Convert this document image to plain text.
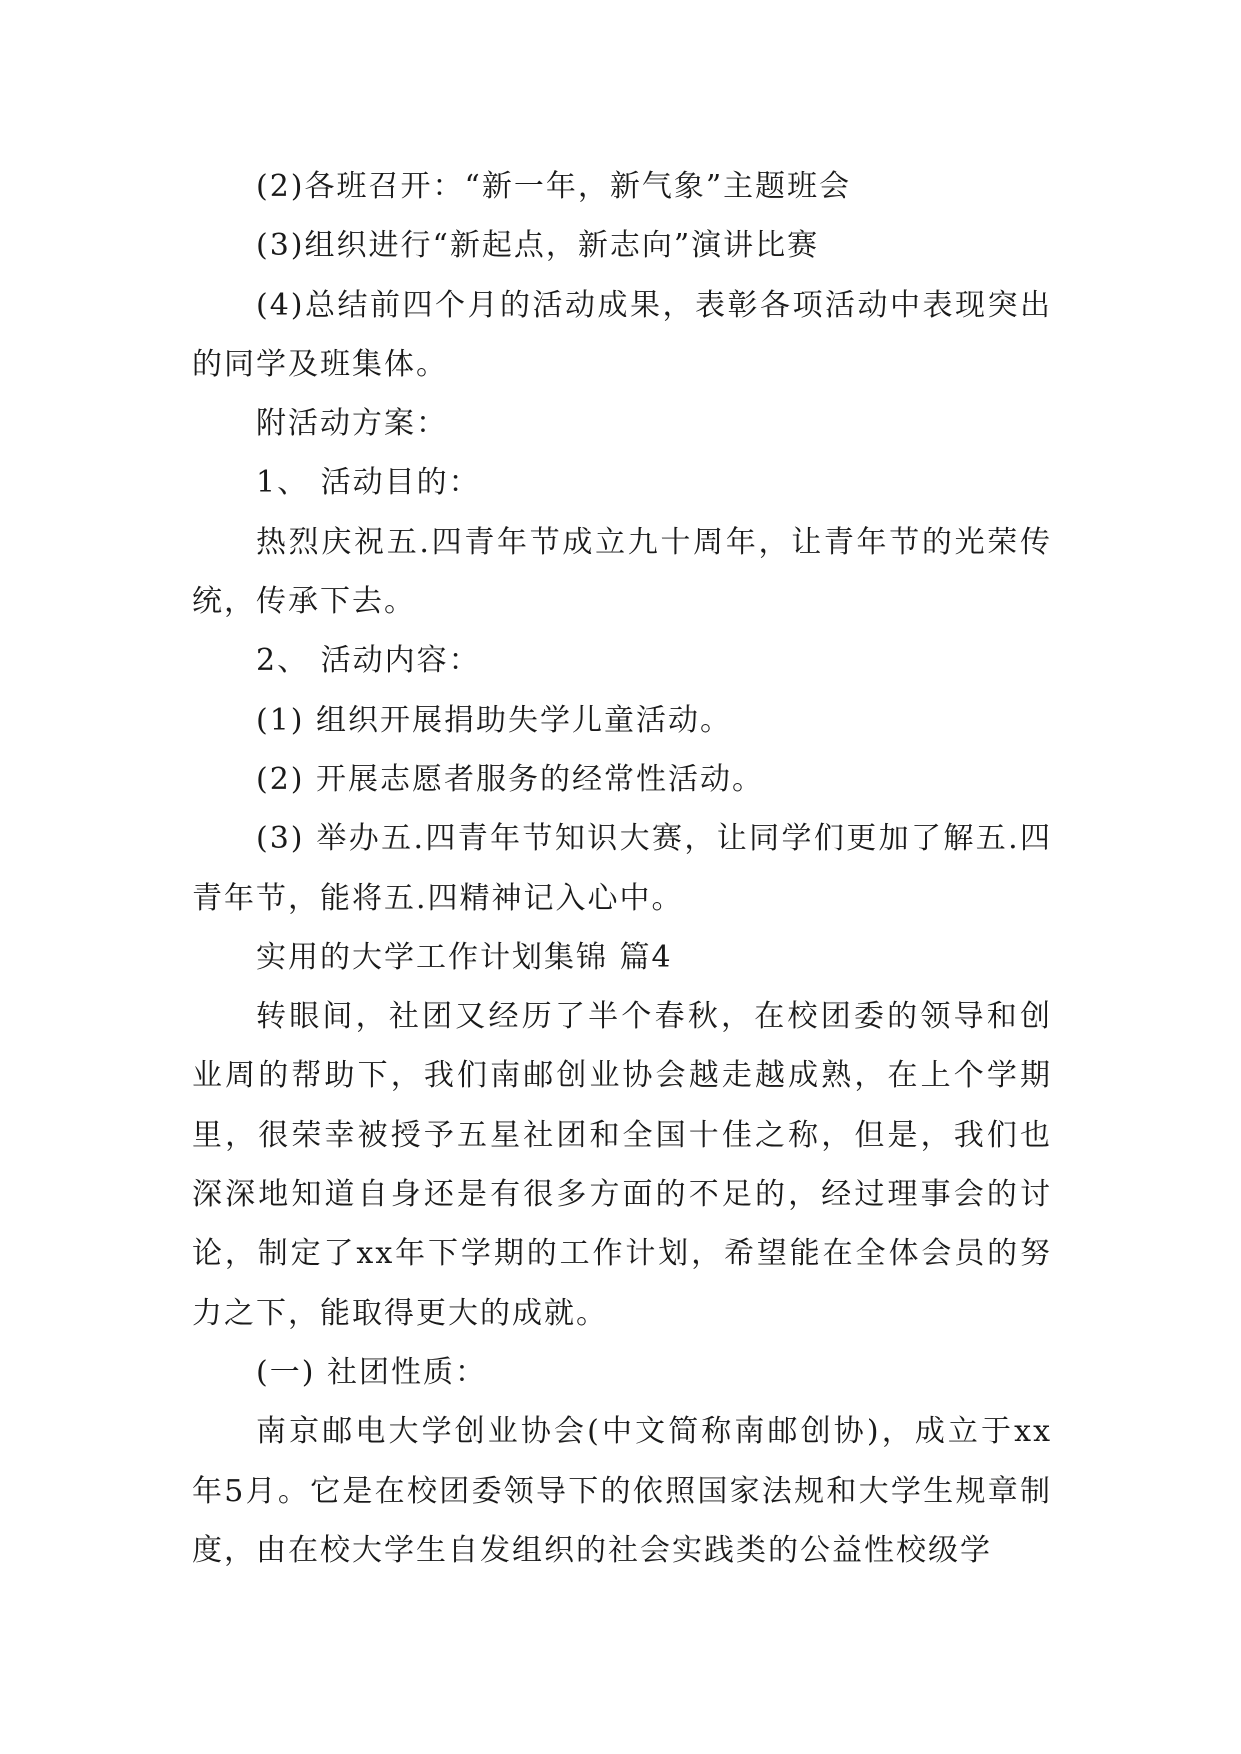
(2)各班召开：“新一年，新气象”主题班会

(3)组织进行“新起点，新志向”演讲比赛

(4)总结前四个月的活动成果，表彰各项活动中表现突出的同学及班集体。

附活动方案：

1、 活动目的：

热烈庆祝五.四青年节成立九十周年，让青年节的光荣传统，传承下去。

2、 活动内容：

(1) 组织开展捐助失学儿童活动。

(2) 开展志愿者服务的经常性活动。

(3) 举办五.四青年节知识大赛，让同学们更加了解五.四青年节，能将五.四精神记入心中。

实用的大学工作计划集锦 篇4

转眼间，社团又经历了半个春秋，在校团委的领导和创业周的帮助下，我们南邮创业协会越走越成熟，在上个学期里，很荣幸被授予五星社团和全国十佳之称，但是，我们也深深地知道自身还是有很多方面的不足的，经过理事会的讨论，制定了xx年下学期的工作计划，希望能在全体会员的努力之下，能取得更大的成就。

(一) 社团性质：

南京邮电大学创业协会(中文简称南邮创协)，成立于xx年5月。它是在校团委领导下的依照国家法规和大学生规章制度，由在校大学生自发组织的社会实践类的公益性校级学
